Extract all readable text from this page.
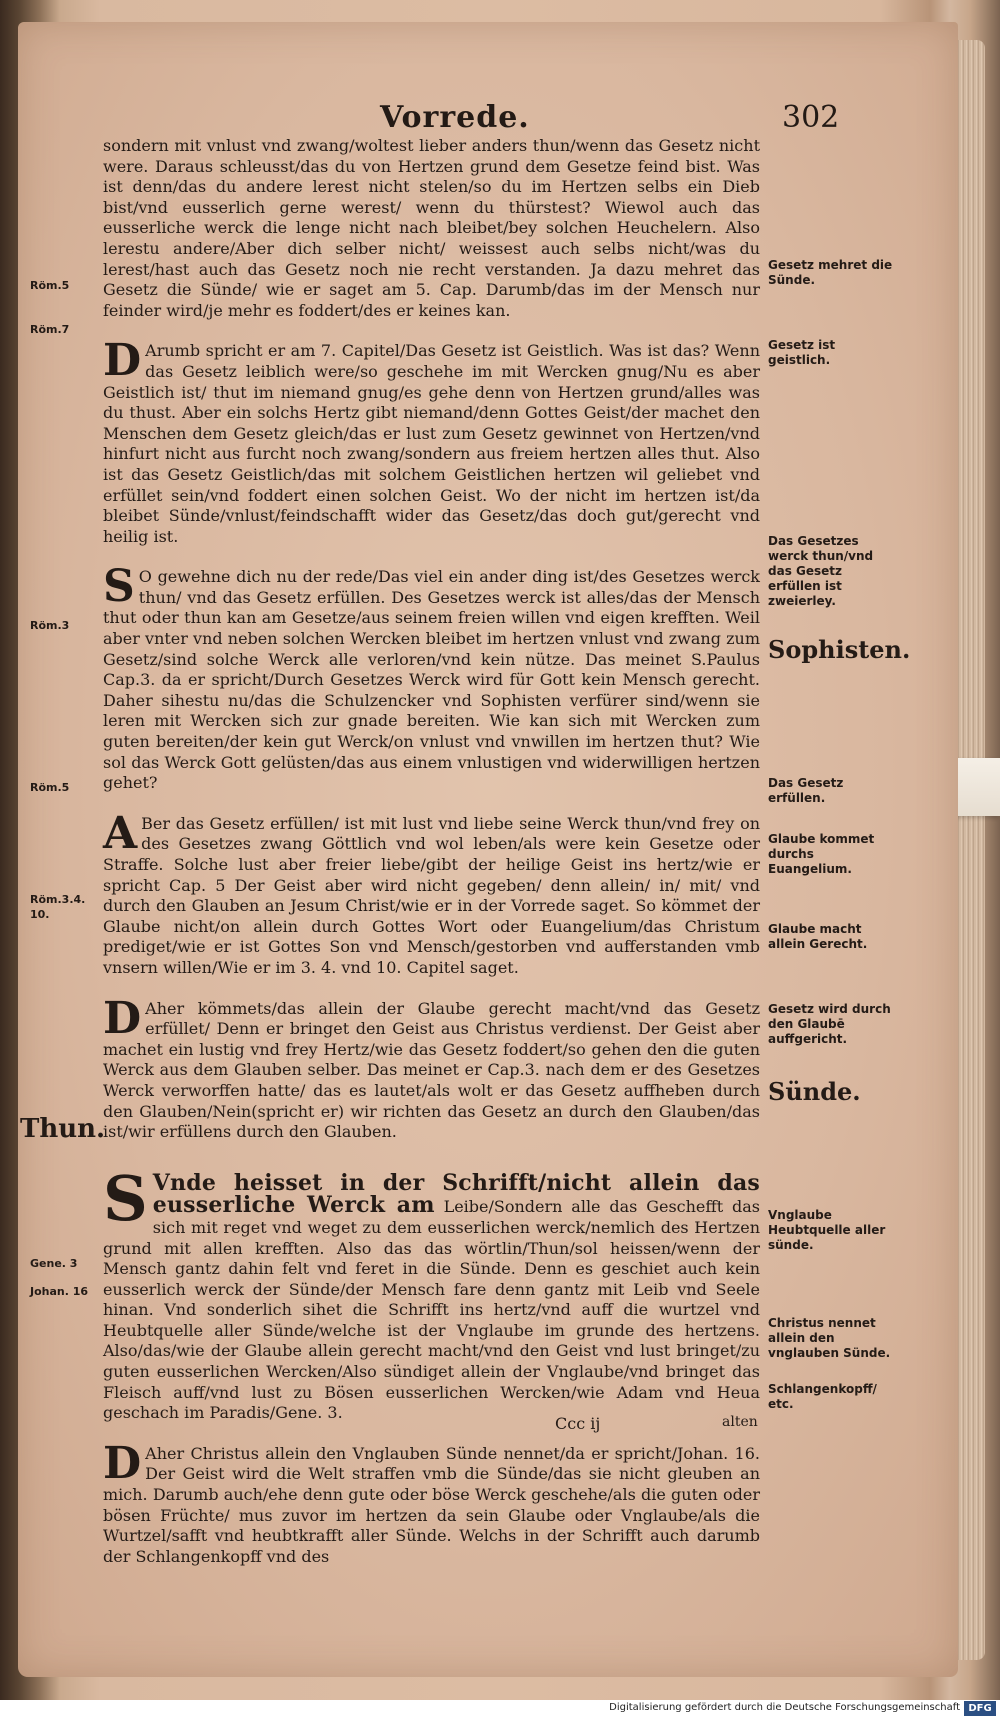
Vorrede.	302

sondern mit vnlust vnd zwang/woltest lieber anders thun/wenn das Gesetz nicht were. Daraus schleusst/das du von Hertzen grund dem Gesetze feind bist. Was ist denn/das du andere lerest nicht stelen/so du im Hertzen selbs ein Dieb bist/vnd eusserlich gerne werest/ wenn du thürstest? Wiewol auch das eusserliche werck die lenge nicht nach bleibet/bey solchen Heuchelern. Also lerestu andere/Aber dich selber nicht/ weissest auch selbs nicht/was du lerest/hast auch das Gesetz noch nie recht verstanden. Ja dazu mehret das Gesetz die Sünde/ wie er saget am 5. Cap. Darumb/das im der Mensch nur feinder wird/je mehr es foddert/des er keines kan.

D Arumb spricht er am 7. Capitel/Das Gesetz ist Geistlich. Was ist das? Wenn das Gesetz leiblich were/so geschehe im mit Wercken gnug/Nu es aber Geistlich ist/ thut im niemand gnug/es gehe denn von Hertzen grund/alles was du thust. Aber ein solchs Hertz gibt niemand/denn Gottes Geist/der machet den Menschen dem Gesetz gleich/das er lust zum Gesetz gewinnet von Hertzen/vnd hinfurt nicht aus furcht noch zwang/sondern aus freiem hertzen alles thut. Also ist das Gesetz Geistlich/das mit solchem Geistlichen hertzen wil geliebet vnd erfüllet sein/vnd foddert einen solchen Geist. Wo der nicht im hertzen ist/da bleibet Sünde/vnlust/feindschafft wider das Gesetz/das doch gut/gerecht vnd heilig ist.

S O gewehne dich nu der rede/Das viel ein ander ding ist/des Gesetzes werck thun/ vnd das Gesetz erfüllen. Des Gesetzes werck ist alles/das der Mensch thut oder thun kan am Gesetze/aus seinem freien willen vnd eigen krefften. Weil aber vnter vnd neben solchen Wercken bleibet im hertzen vnlust vnd zwang zum Gesetz/sind solche Werck alle verloren/vnd kein nütze. Das meinet S.Paulus Cap.3. da er spricht/Durch Gesetzes Werck wird für Gott kein Mensch gerecht. Daher sihestu nu/das die Schulzencker vnd Sophisten verfürer sind/wenn sie leren mit Wercken sich zur gnade bereiten. Wie kan sich mit Wercken zum guten bereiten/der kein gut Werck/on vnlust vnd vnwillen im hertzen thut? Wie sol das Werck Gott gelüsten/das aus einem vnlustigen vnd widerwilligen hertzen gehet?

A Ber das Gesetz erfüllen/ ist mit lust vnd liebe seine Werck thun/vnd frey on des Gesetzes zwang Göttlich vnd wol leben/als were kein Gesetze oder Straffe. Solche lust aber freier liebe/gibt der heilige Geist ins hertz/wie er spricht Cap. 5 Der Geist aber wird nicht gegeben/ denn allein/ in/ mit/ vnd durch den Glauben an Jesum Christ/wie er in der Vorrede saget. So kömmet der Glaube nicht/on allein durch Gottes Wort oder Euangelium/das Christum prediget/wie er ist Gottes Son vnd Mensch/gestorben vnd aufferstanden vmb vnsern willen/Wie er im 3. 4. vnd 10. Capitel saget.

D Aher kömmets/das allein der Glaube gerecht macht/vnd das Gesetz erfüllet/ Denn er bringet den Geist aus Christus verdienst. Der Geist aber machet ein lustig vnd frey Hertz/wie das Gesetz foddert/so gehen den die guten Werck aus dem Glauben selber. Das meinet er Cap.3. nach dem er des Gesetzes Werck verworffen hatte/ das es lautet/als wolt er das Gesetz auffheben durch den Glauben/Nein(spricht er) wir richten das Gesetz an durch den Glauben/das ist/wir erfüllens durch den Glauben.

S Vnde heisset in der Schrifft/nicht allein das eusserliche Werck am Leibe/Sondern alle das Geschefft das sich mit reget vnd weget zu dem eusserlichen werck/nemlich des Hertzen grund mit allen krefften. Also das das wörtlin/Thun/sol heissen/wenn der Mensch gantz dahin felt vnd feret in die Sünde. Denn es geschiet auch kein eusserlich werck der Sünde/der Mensch fare denn gantz mit Leib vnd Seele hinan. Vnd sonderlich sihet die Schrifft ins hertz/vnd auff die wurtzel vnd Heubtquelle aller Sünde/welche ist der Vnglaube im grunde des hertzens. Also/das/wie der Glaube allein gerecht macht/vnd den Geist vnd lust bringet/zu guten eusserlichen Wercken/Also sündiget allein der Vnglaube/vnd bringet das Fleisch auff/vnd lust zu Bösen eusserlichen Wercken/wie Adam vnd Heua geschach im Paradis/Gene. 3.

D Aher Christus allein den Vnglauben Sünde nennet/da er spricht/Johan. 16. Der Geist wird die Welt straffen vmb die Sünde/das sie nicht gleuben an mich. Darumb auch/ehe denn gute oder böse Werck geschehe/als die guten oder bösen Früchte/ mus zuvor im hertzen da sein Glaube oder Vnglaube/als die Wurtzel/safft vnd heubtkrafft aller Sünde. Welchs in der Schrifft auch darumb der Schlangenkopff vnd des

Gesetz mehret die Sünde.
Gesetz ist geistlich.
Das Gesetzes werck thun/vnd das Gesetz erfüllen ist zweierley.
Sophisten.
Das Gesetz erfüllen.
Glaube kommet durchs Euangelium.
Glaube macht allein Gerecht.
Gesetz wird durch den Glaubē auffgericht.
Sünde.
Vnglaube Heubtquelle aller sünde.
Christus nennet allein den vnglauben Sünde.
Schlangenkopff/ etc.
Röm.5
Röm.7
Röm.3
Röm.5
Röm.3.4. 10.
Thun.
Gene. 3
Johan. 16
Ccc ij	alten
Digitalisierung gefördert durch die Deutsche Forschungsgemeinschaft DFG
